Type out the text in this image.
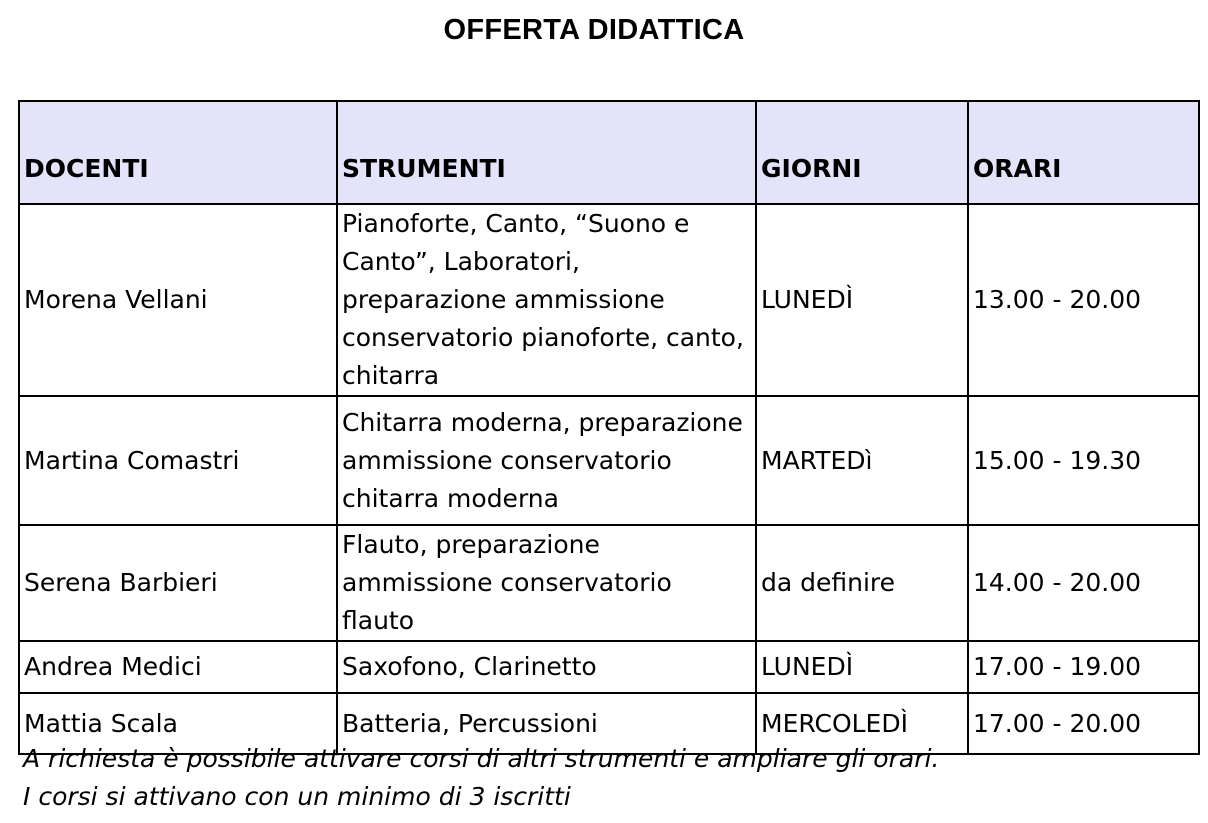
OFFERTA DIDATTICA
DOCENTI	STRUMENTI	GIORNI	ORARI
Morena Vellani	Pianoforte, Canto, “Suono e Canto”, Laboratori, preparazione ammissione conservatorio pianoforte, canto, chitarra	LUNEDÌ	13.00 - 20.00
Martina Comastri	Chitarra moderna, preparazione ammissione conservatorio chitarra moderna	MARTEDì	15.00 - 19.30
Serena Barbieri	Flauto, preparazione ammissione conservatorio flauto	da definire	14.00 - 20.00
Andrea Medici	Saxofono, Clarinetto	LUNEDÌ	17.00 - 19.00
Mattia Scala	Batteria, Percussioni	MERCOLEDÌ	17.00 - 20.00
A richiesta è possibile attivare corsi di altri strumenti e ampliare gli orari.
I corsi si attivano con un minimo di 3 iscritti
